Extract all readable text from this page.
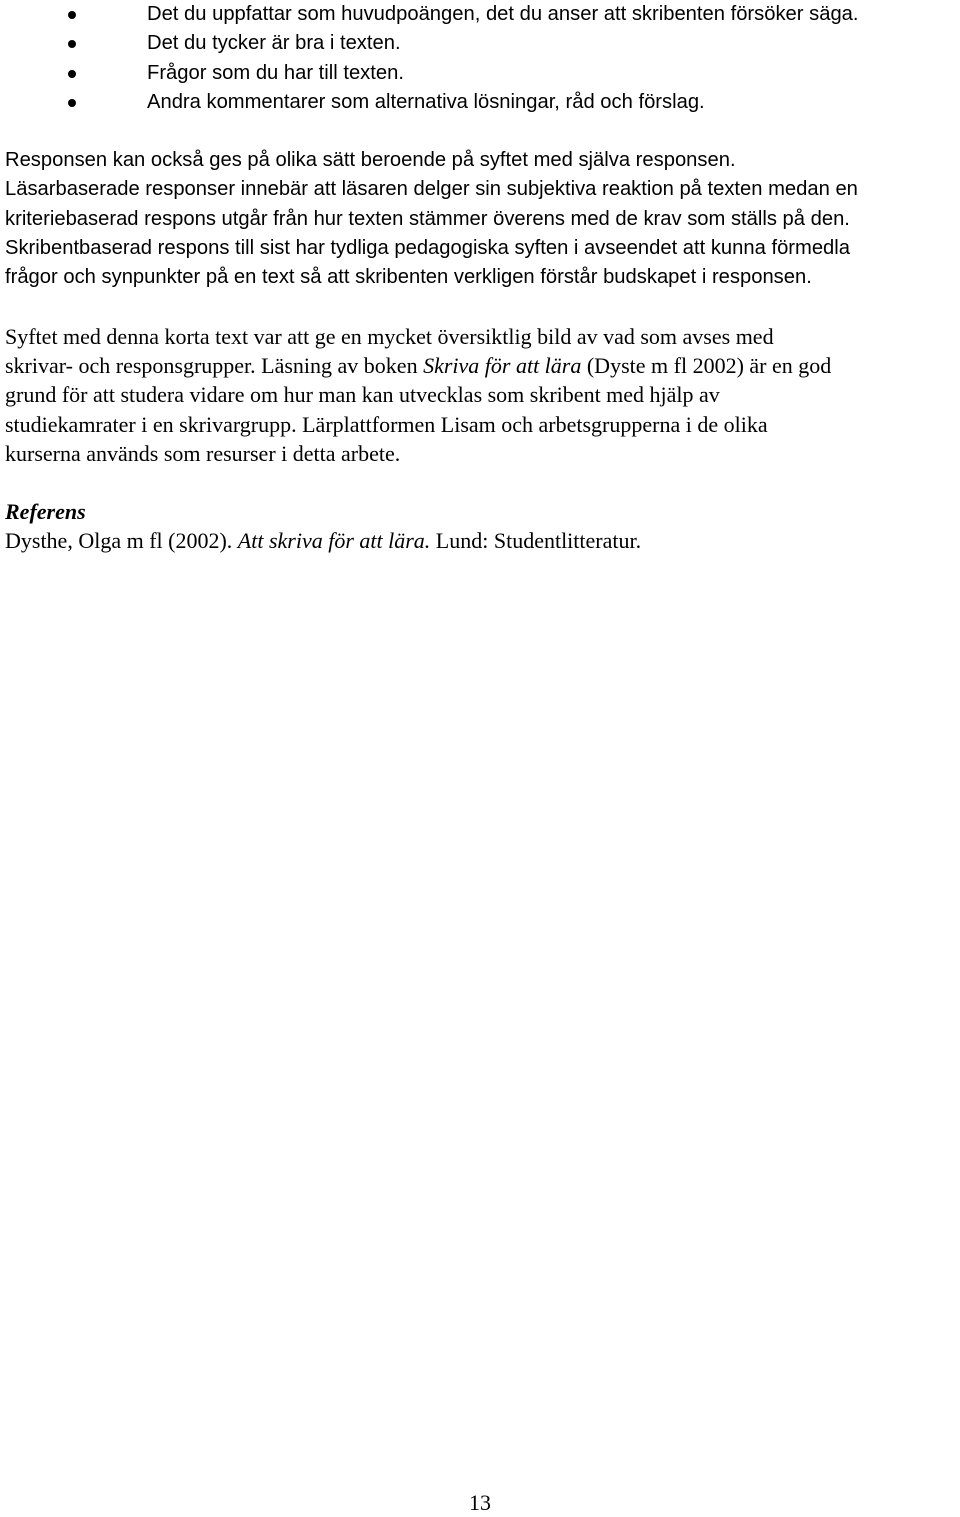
Det du uppfattar som huvudpoängen, det du anser att skribenten försöker säga.
Det du tycker är bra i texten.
Frågor som du har till texten.
Andra kommentarer som alternativa lösningar, råd och förslag.
Responsen kan också ges på olika sätt beroende på syftet med själva responsen.
Läsarbaserade responser innebär att läsaren delger sin subjektiva reaktion på texten medan en
kriteriebaserad respons utgår från hur texten stämmer överens med de krav som ställs på den.
Skribentbaserad respons till sist har tydliga pedagogiska syften i avseendet att kunna förmedla
frågor och synpunkter på en text så att skribenten verkligen förstår budskapet i responsen.
Syftet med denna korta text var att ge en mycket översiktlig bild av vad som avses med
skrivar- och responsgrupper. Läsning av boken Skriva för att lära (Dyste m fl 2002) är en god
grund för att studera vidare om hur man kan utvecklas som skribent med hjälp av
studiekamrater i en skrivargrupp. Lärplattformen Lisam och arbetsgrupperna i de olika
kurserna används som resurser i detta arbete.
Referens
Dysthe, Olga m fl (2002). Att skriva för att lära. Lund: Studentlitteratur.
13
